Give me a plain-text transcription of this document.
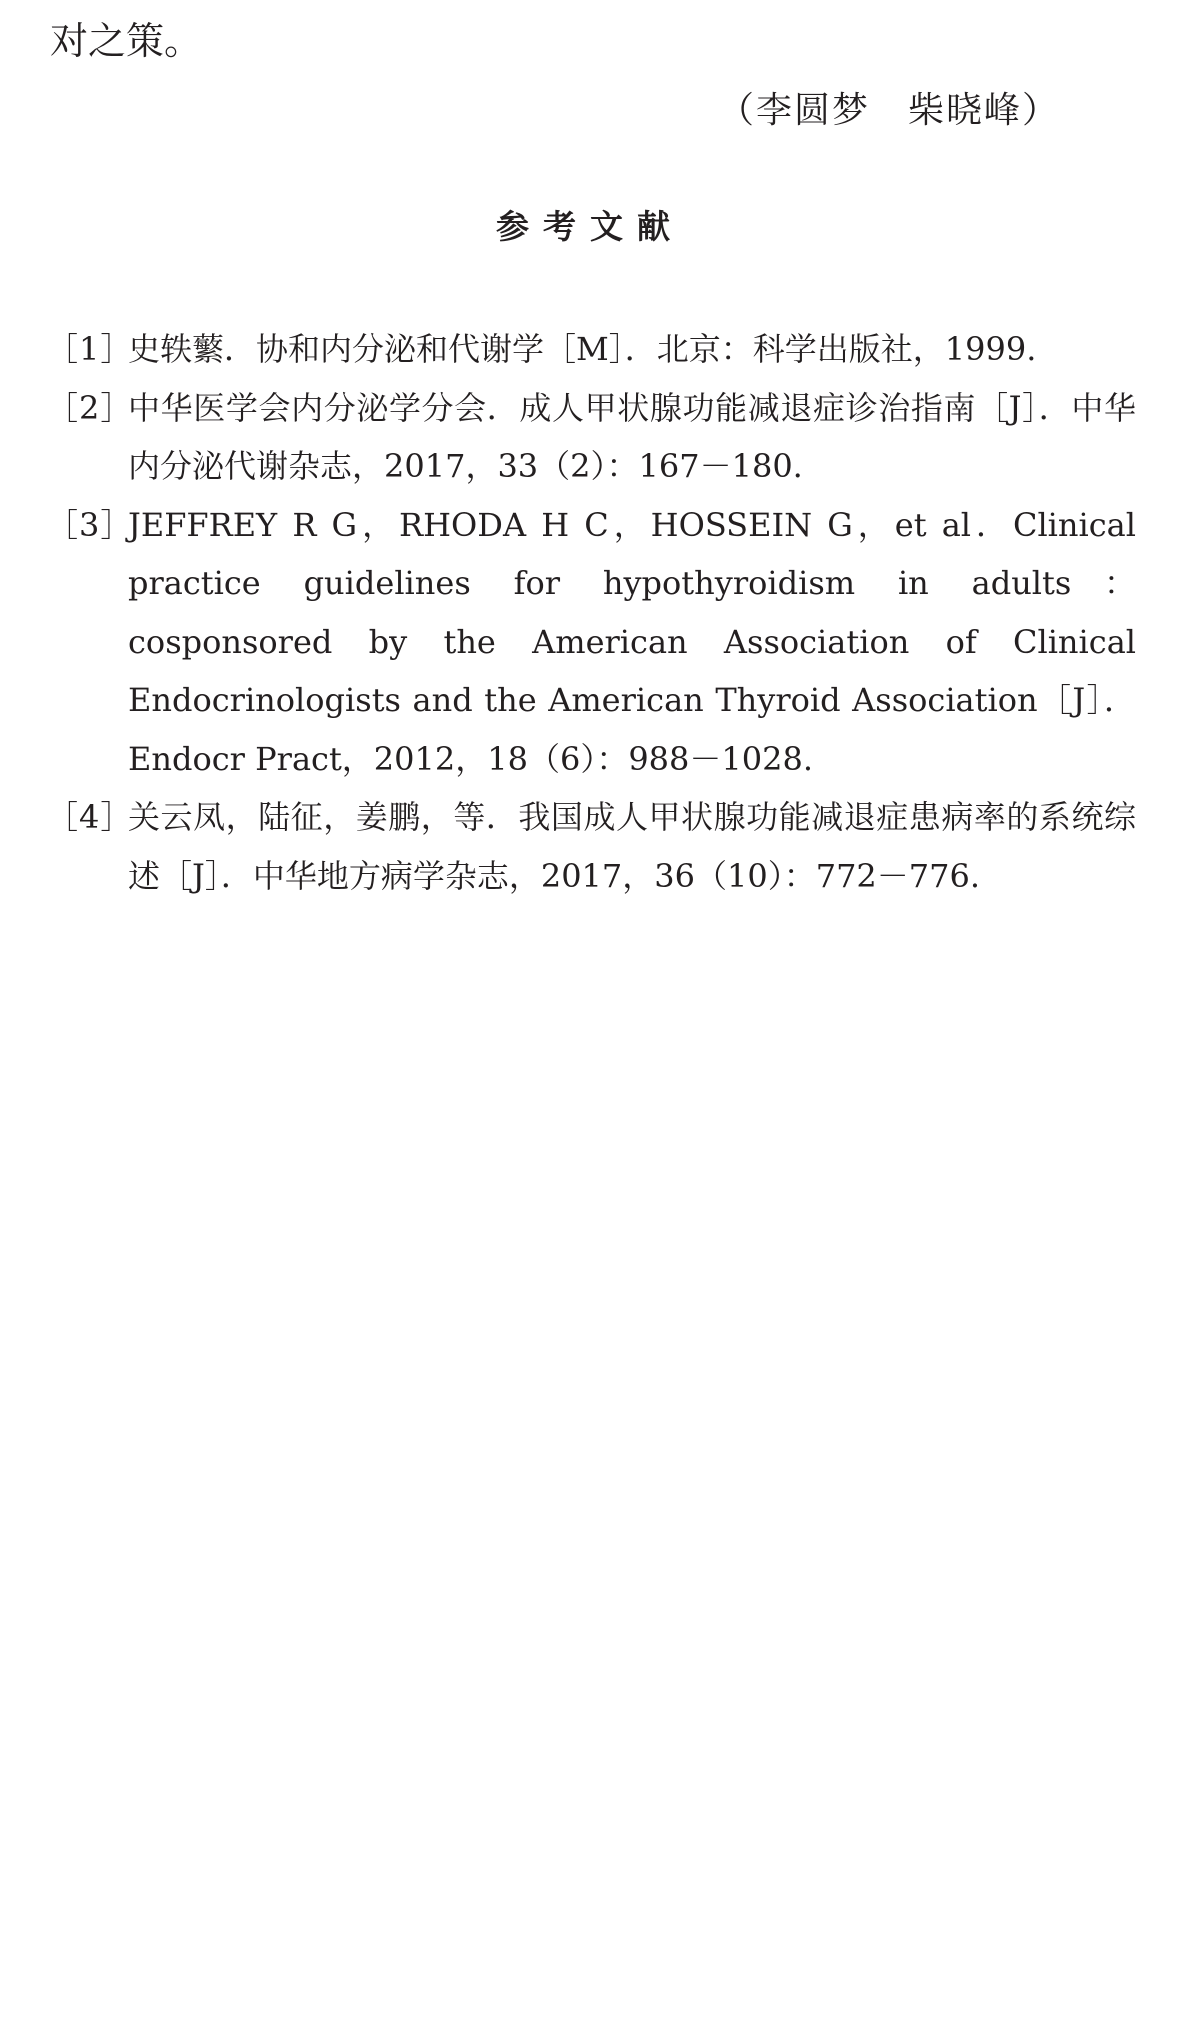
对之策。
（李圆梦　柴晓峰）
参考文献
［1］
史轶蘩．协和内分泌和代谢学［M］．北京：科学出版社，1999.
［2］
中华医学会内分泌学分会．成人甲状腺功能减退症诊治指南［J］．中华内分泌代谢杂志，2017，33（2）：167－180.
［3］
JEFFREY R G，RHODA H C，HOSSEIN G，et al．Clinical practice guidelines for hypothyroidism in adults：cosponsored by the American Association of Clinical Endocrinologists and the American Thyroid Association［J］．Endocr Pract，2012，18（6）：988－1028.
［4］
关云凤，陆征，姜鹏，等．我国成人甲状腺功能减退症患病率的系统综述［J］．中华地方病学杂志，2017，36（10）：772－776.
